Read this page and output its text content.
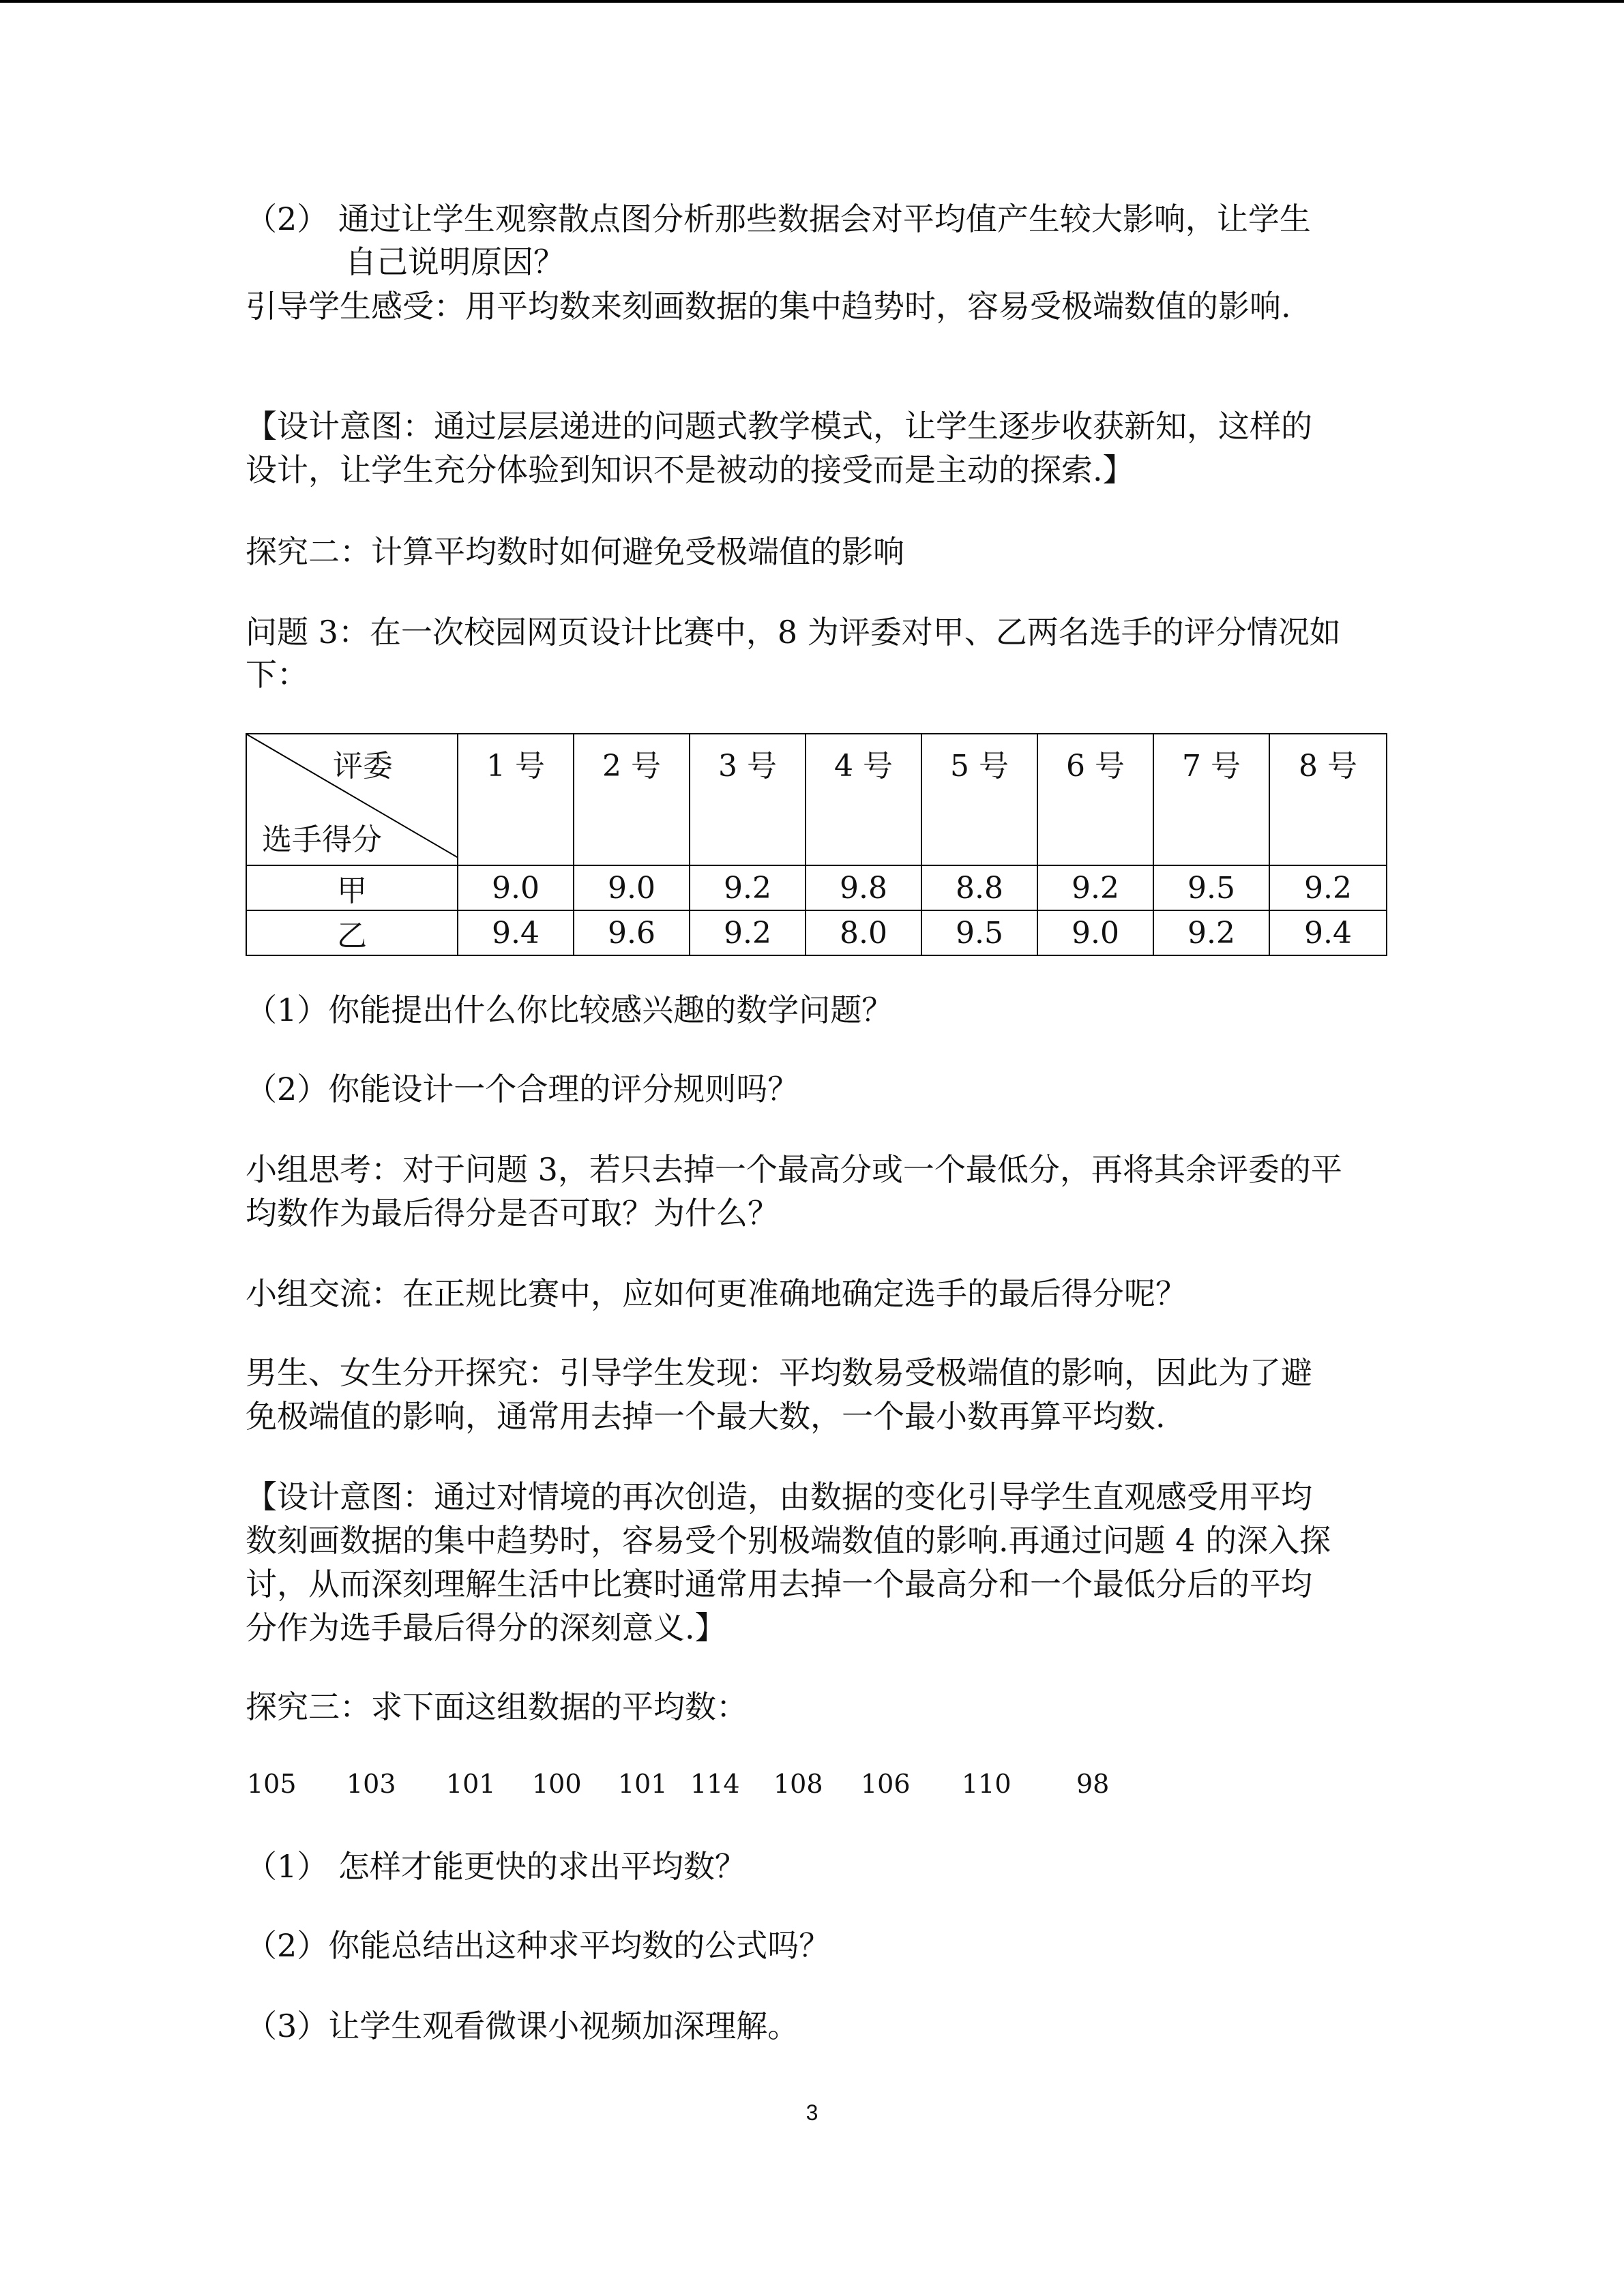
（2） 通过让学生观察散点图分析那些数据会对平均值产生较大影响，让学生

自己说明原因？

引导学生感受：用平均数来刻画数据的集中趋势时，容易受极端数值的影响.

【设计意图：通过层层递进的问题式教学模式，让学生逐步收获新知，这样的

设计，让学生充分体验到知识不是被动的接受而是主动的探索.】

探究二：计算平均数时如何避免受极端值的影响

问题 3：在一次校园网页设计比赛中，8 为评委对甲、乙两名选手的评分情况如

下：

评委
选手得分	1 号	2 号	3 号	4 号	5 号	6 号	7 号	8 号
甲	9.0	9.0	9.2	9.8	8.8	9.2	9.5	9.2
乙	9.4	9.6	9.2	8.0	9.5	9.0	9.2	9.4

（1）你能提出什么你比较感兴趣的数学问题？

（2）你能设计一个合理的评分规则吗？

小组思考：对于问题 3，若只去掉一个最高分或一个最低分，再将其余评委的平

均数作为最后得分是否可取？为什么？

小组交流：在正规比赛中，应如何更准确地确定选手的最后得分呢？

男生、女生分开探究：引导学生发现：平均数易受极端值的影响，因此为了避

免极端值的影响，通常用去掉一个最大数，一个最小数再算平均数.

【设计意图：通过对情境的再次创造，由数据的变化引导学生直观感受用平均

数刻画数据的集中趋势时，容易受个别极端数值的影响.再通过问题 4 的深入探

讨，从而深刻理解生活中比赛时通常用去掉一个最高分和一个最低分后的平均

分作为选手最后得分的深刻意义.】

探究三：求下面这组数据的平均数：

105 103 101 100 101 114 108 106 110	98

（1） 怎样才能更快的求出平均数？

（2）你能总结出这种求平均数的公式吗？

（3）让学生观看微课小视频加深理解。

3
